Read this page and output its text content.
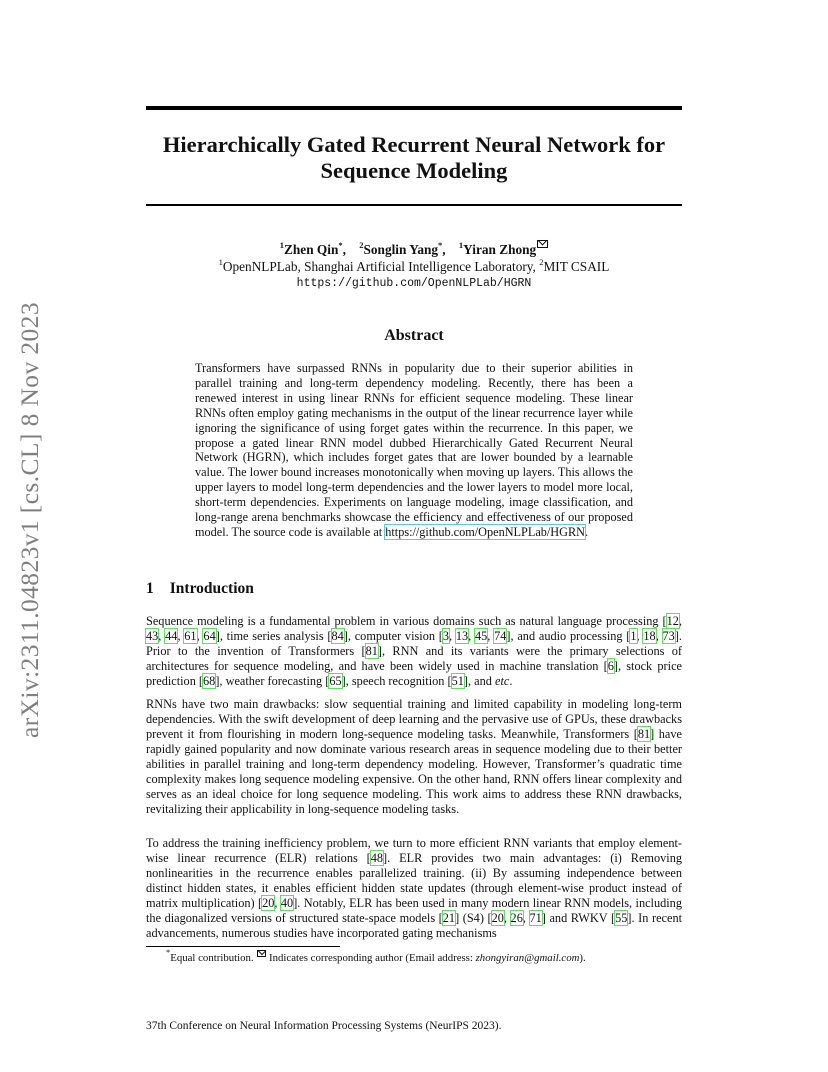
arXiv:2311.04823v1 [cs.CL] 8 Nov 2023
Hierarchically Gated Recurrent Neural Network for
Sequence Modeling
$^1$Zhen Qin*, $^2$Songlin Yang*, $^1$Yiran Zhong
$^1$OpenNLPLab, Shanghai Artificial Intelligence Laboratory, $^2$MIT CSAIL
https://github.com/OpenNLPLab/HGRN
Abstract
Transformers have surpassed RNNs in popularity due to their superior abilities in parallel training and long-term dependency modeling. Recently, there has been a renewed interest in using linear RNNs for efficient sequence modeling. These linear RNNs often employ gating mechanisms in the output of the linear recurrence layer while ignoring the significance of using forget gates within the recurrence. In this paper, we propose a gated linear RNN model dubbed Hierarchically Gated Recurrent Neural Network (HGRN), which includes forget gates that are lower bounded by a learnable value. The lower bound increases monotonically when moving up layers. This allows the upper layers to model long-term dependencies and the lower layers to model more local, short-term dependencies. Experiments on language modeling, image classification, and long-range arena benchmarks showcase the efficiency and effectiveness of our proposed model. The source code is available at https://github.com/OpenNLPLab/HGRN.
1 Introduction
Sequence modeling is a fundamental problem in various domains such as natural language processing [12, 43, 44, 61, 64], time series analysis [84], computer vision [3, 13, 45, 74], and audio processing [1, 18, 73]. Prior to the invention of Transformers [81], RNN and its variants were the primary selections of architectures for sequence modeling, and have been widely used in machine translation [6], stock price prediction [68], weather forecasting [65], speech recognition [51], and etc.
RNNs have two main drawbacks: slow sequential training and limited capability in modeling long-term dependencies. With the swift development of deep learning and the pervasive use of GPUs, these drawbacks prevent it from flourishing in modern long-sequence modeling tasks. Meanwhile, Transformers [81] have rapidly gained popularity and now dominate various research areas in sequence modeling due to their better abilities in parallel training and long-term dependency modeling. However, Transformer’s quadratic time complexity makes long sequence modeling expensive. On the other hand, RNN offers linear complexity and serves as an ideal choice for long sequence modeling. This work aims to address these RNN drawbacks, revitalizing their applicability in long-sequence modeling tasks.
To address the training inefficiency problem, we turn to more efficient RNN variants that employ element-wise linear recurrence (ELR) relations [48]. ELR provides two main advantages: (i) Removing nonlinearities in the recurrence enables parallelized training. (ii) By assuming independence between distinct hidden states, it enables efficient hidden state updates (through element-wise product instead of matrix multiplication) [20, 40]. Notably, ELR has been used in many modern linear RNN models, including the diagonalized versions of structured state-space models [21] (S4) [20, 26, 71] and RWKV [55]. In recent advancements, numerous studies have incorporated gating mechanisms
*Equal contribution.  Indicates corresponding author (Email address: zhongyiran@gmail.com).
37th Conference on Neural Information Processing Systems (NeurIPS 2023).
